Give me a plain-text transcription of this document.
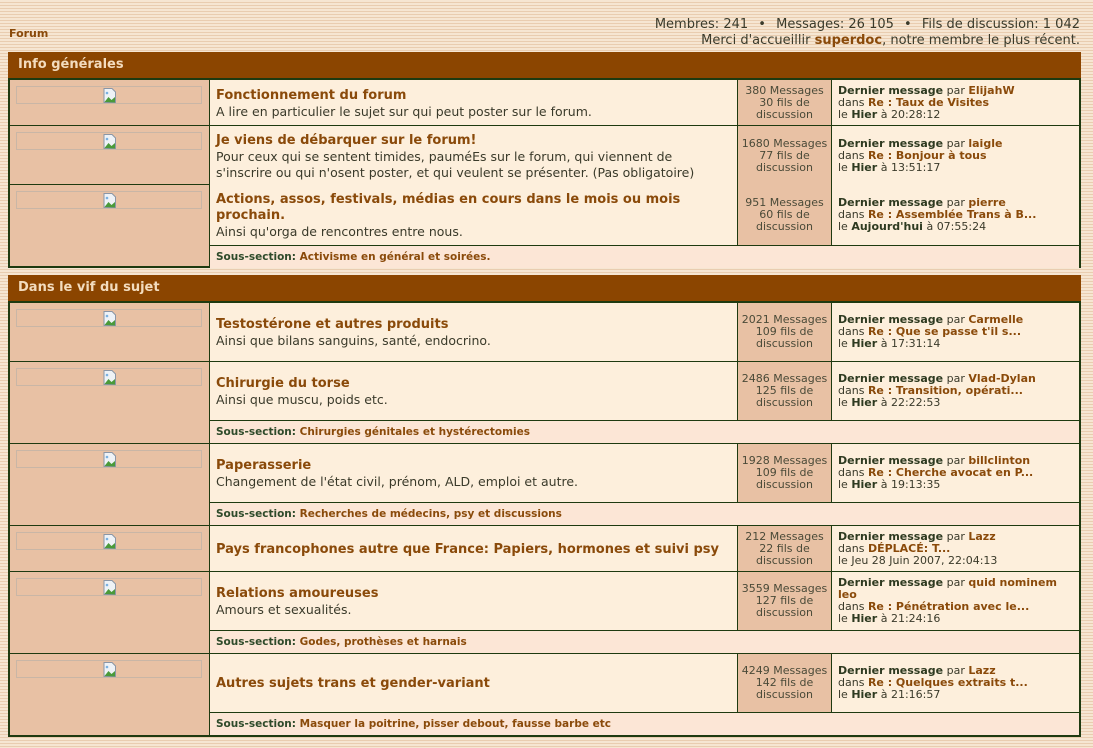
Forum
Membres: 241 • Messages: 26 105 • Fils de discussion: 1 042
Merci d'accueillir superdoc, notre membre le plus récent.
Info générales
Fonctionnement du forum
A lire en particulier le sujet sur qui peut poster sur le forum.
380 Messages 30 fils de discussion
Dernier message par ElijahW
dans Re : Taux de Visites
le Hier à 20:28:12
Je viens de débarquer sur le forum!
Pour ceux qui se sentent timides, pauméEs sur le forum, qui viennent de s'inscrire ou qui n'osent poster, et qui veulent se présenter. (Pas obligatoire)
1680 Messages 77 fils de discussion
Dernier message par laigle
dans Re : Bonjour à tous
le Hier à 13:51:17
Actions, assos, festivals, médias en cours dans le mois ou mois prochain.
Ainsi qu'orga de rencontres entre nous.
951 Messages 60 fils de discussion
Dernier message par pierre
dans Re : Assemblée Trans à B...
le Aujourd'hui à 07:55:24
Sous-section: Activisme en général et soirées.
Dans le vif du sujet
Testostérone et autres produits
Ainsi que bilans sanguins, santé, endocrino.
2021 Messages 109 fils de discussion
Dernier message par Carmelle
dans Re : Que se passe t'il s...
le Hier à 17:31:14
Chirurgie du torse
Ainsi que muscu, poids etc.
2486 Messages 125 fils de discussion
Dernier message par Vlad-Dylan
dans Re : Transition, opérati...
le Hier à 22:22:53
Sous-section: Chirurgies génitales et hystérectomies
Paperasserie
Changement de l'état civil, prénom, ALD, emploi et autre.
1928 Messages 109 fils de discussion
Dernier message par billclinton
dans Re : Cherche avocat en P...
le Hier à 19:13:35
Sous-section: Recherches de médecins, psy et discussions
Pays francophones autre que France: Papiers, hormones et suivi psy
212 Messages 22 fils de discussion
Dernier message par Lazz
dans DÉPLACÉ: T...
le Jeu 28 Juin 2007, 22:04:13
Relations amoureuses
Amours et sexualités.
3559 Messages 127 fils de discussion
Dernier message par quid nominem leo
dans Re : Pénétration avec le...
le Hier à 21:24:16
Sous-section: Godes, prothèses et harnais
Autres sujets trans et gender-variant
4249 Messages 142 fils de discussion
Dernier message par Lazz
dans Re : Quelques extraits t...
le Hier à 21:16:57
Sous-section: Masquer la poitrine, pisser debout, fausse barbe etc
